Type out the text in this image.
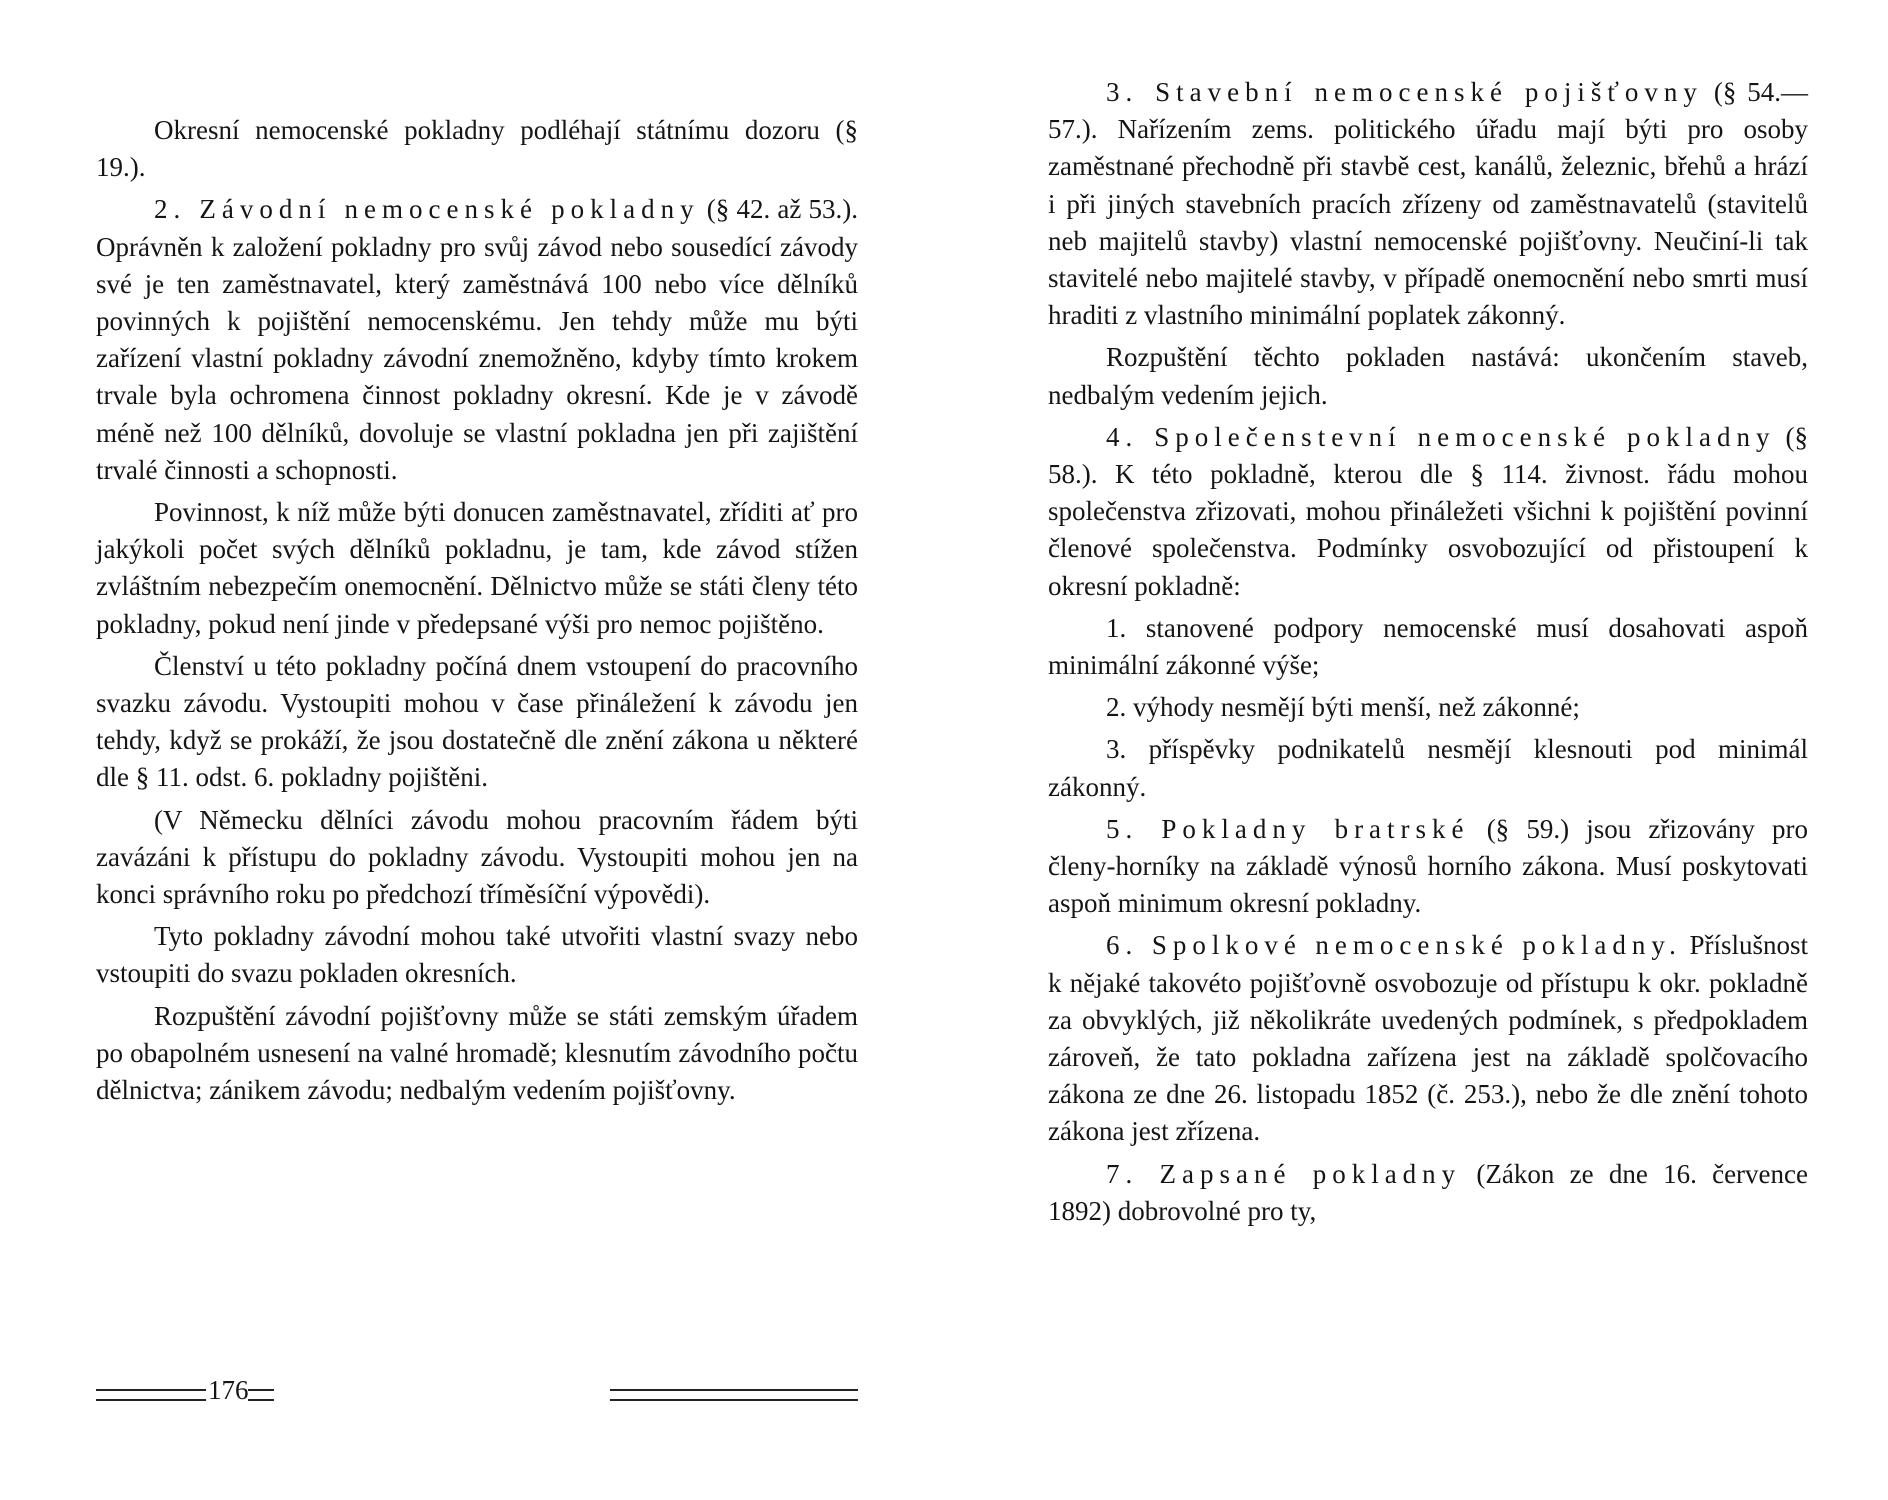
Okresní nemocenské pokladny podléhají státnímu dozoru (§ 19.).

2. Závodní nemocenské pokladny (§ 42. až 53.). Oprávněn k založení pokladny pro svůj závod nebo sousedící závody své je ten zaměstnavatel, který zaměstnává 100 nebo více dělníků povinných k pojištění nemocenskému. Jen tehdy může mu býti zařízení vlastní pokladny závodní znemožněno, kdyby tímto krokem trvale byla ochromena činnost pokladny okresní. Kde je v závodě méně než 100 dělníků, dovoluje se vlastní pokladna jen při zajištění trvalé činnosti a schopnosti.

Povinnost, k níž může býti donucen zaměstnavatel, zříditi ať pro jakýkoli počet svých dělníků pokladnu, je tam, kde závod stížen zvláštním nebezpečím onemocnění. Dělnictvo může se státi členy této pokladny, pokud není jinde v předepsané výši pro nemoc pojištěno.

Členství u této pokladny počíná dnem vstoupení do pracovního svazku závodu. Vystoupiti mohou v čase přináležení k závodu jen tehdy, když se prokáží, že jsou dostatečně dle znění zákona u některé dle § 11. odst. 6. pokladny pojištěni.

(V Německu dělníci závodu mohou pracovním řádem býti zavázáni k přístupu do pokladny závodu. Vystoupiti mohou jen na konci správního roku po předchozí tříměsíční výpovědi).

Tyto pokladny závodní mohou také utvořiti vlastní svazy nebo vstoupiti do svazu pokladen okresních.

Rozpuštění závodní pojišťovny může se státi zemským úřadem po obapolném usnesení na valné hromadě; klesnutím závodního počtu dělnictva; zánikem závodu; nedbalým vedením pojišťovny.

176

3. Stavební nemocenské pojišťovny (§ 54.—57.). Nařízením zems. politického úřadu mají býti pro osoby zaměstnané přechodně při stavbě cest, kanálů, železnic, břehů a hrází i při jiných stavebních pracích zřízeny od zaměstnavatelů (stavitelů neb majitelů stavby) vlastní nemocenské pojišťovny. Neučiní-li tak stavitelé nebo majitelé stavby, v případě onemocnění nebo smrti musí hraditi z vlastního minimální poplatek zákonný.

Rozpuštění těchto pokladen nastává: ukončením staveb, nedbalým vedením jejich.

4. Společenstevní nemocenské pokladny (§ 58.). K této pokladně, kterou dle § 114. živnost. řádu mohou společenstva zřizovati, mohou přináležeti všichni k pojištění povinní členové společenstva. Podmínky osvobozující od přistoupení k okresní pokladně:

1. stanovené podpory nemocenské musí dosahovati aspoň minimální zákonné výše;

2. výhody nesmějí býti menší, než zákonné;

3. příspěvky podnikatelů nesmějí klesnouti pod minimál zákonný.

5. Pokladny bratrské (§ 59.) jsou zřizovány pro členy-horníky na základě výnosů horního zákona. Musí poskytovati aspoň minimum okresní pokladny.

6. Spolkové nemocenské pokladny. Příslušnost k nějaké takovéto pojišťovně osvobozuje od přístupu k okr. pokladně za obvyklých, již několikráte uvedených podmínek, s předpokladem zároveň, že tato pokladna zařízena jest na základě spolčovacího zákona ze dne 26. listopadu 1852 (č. 253.), nebo že dle znění tohoto zákona jest zřízena.

7. Zapsané pokladny (Zákon ze dne 16. července 1892) dobrovolné pro ty,
